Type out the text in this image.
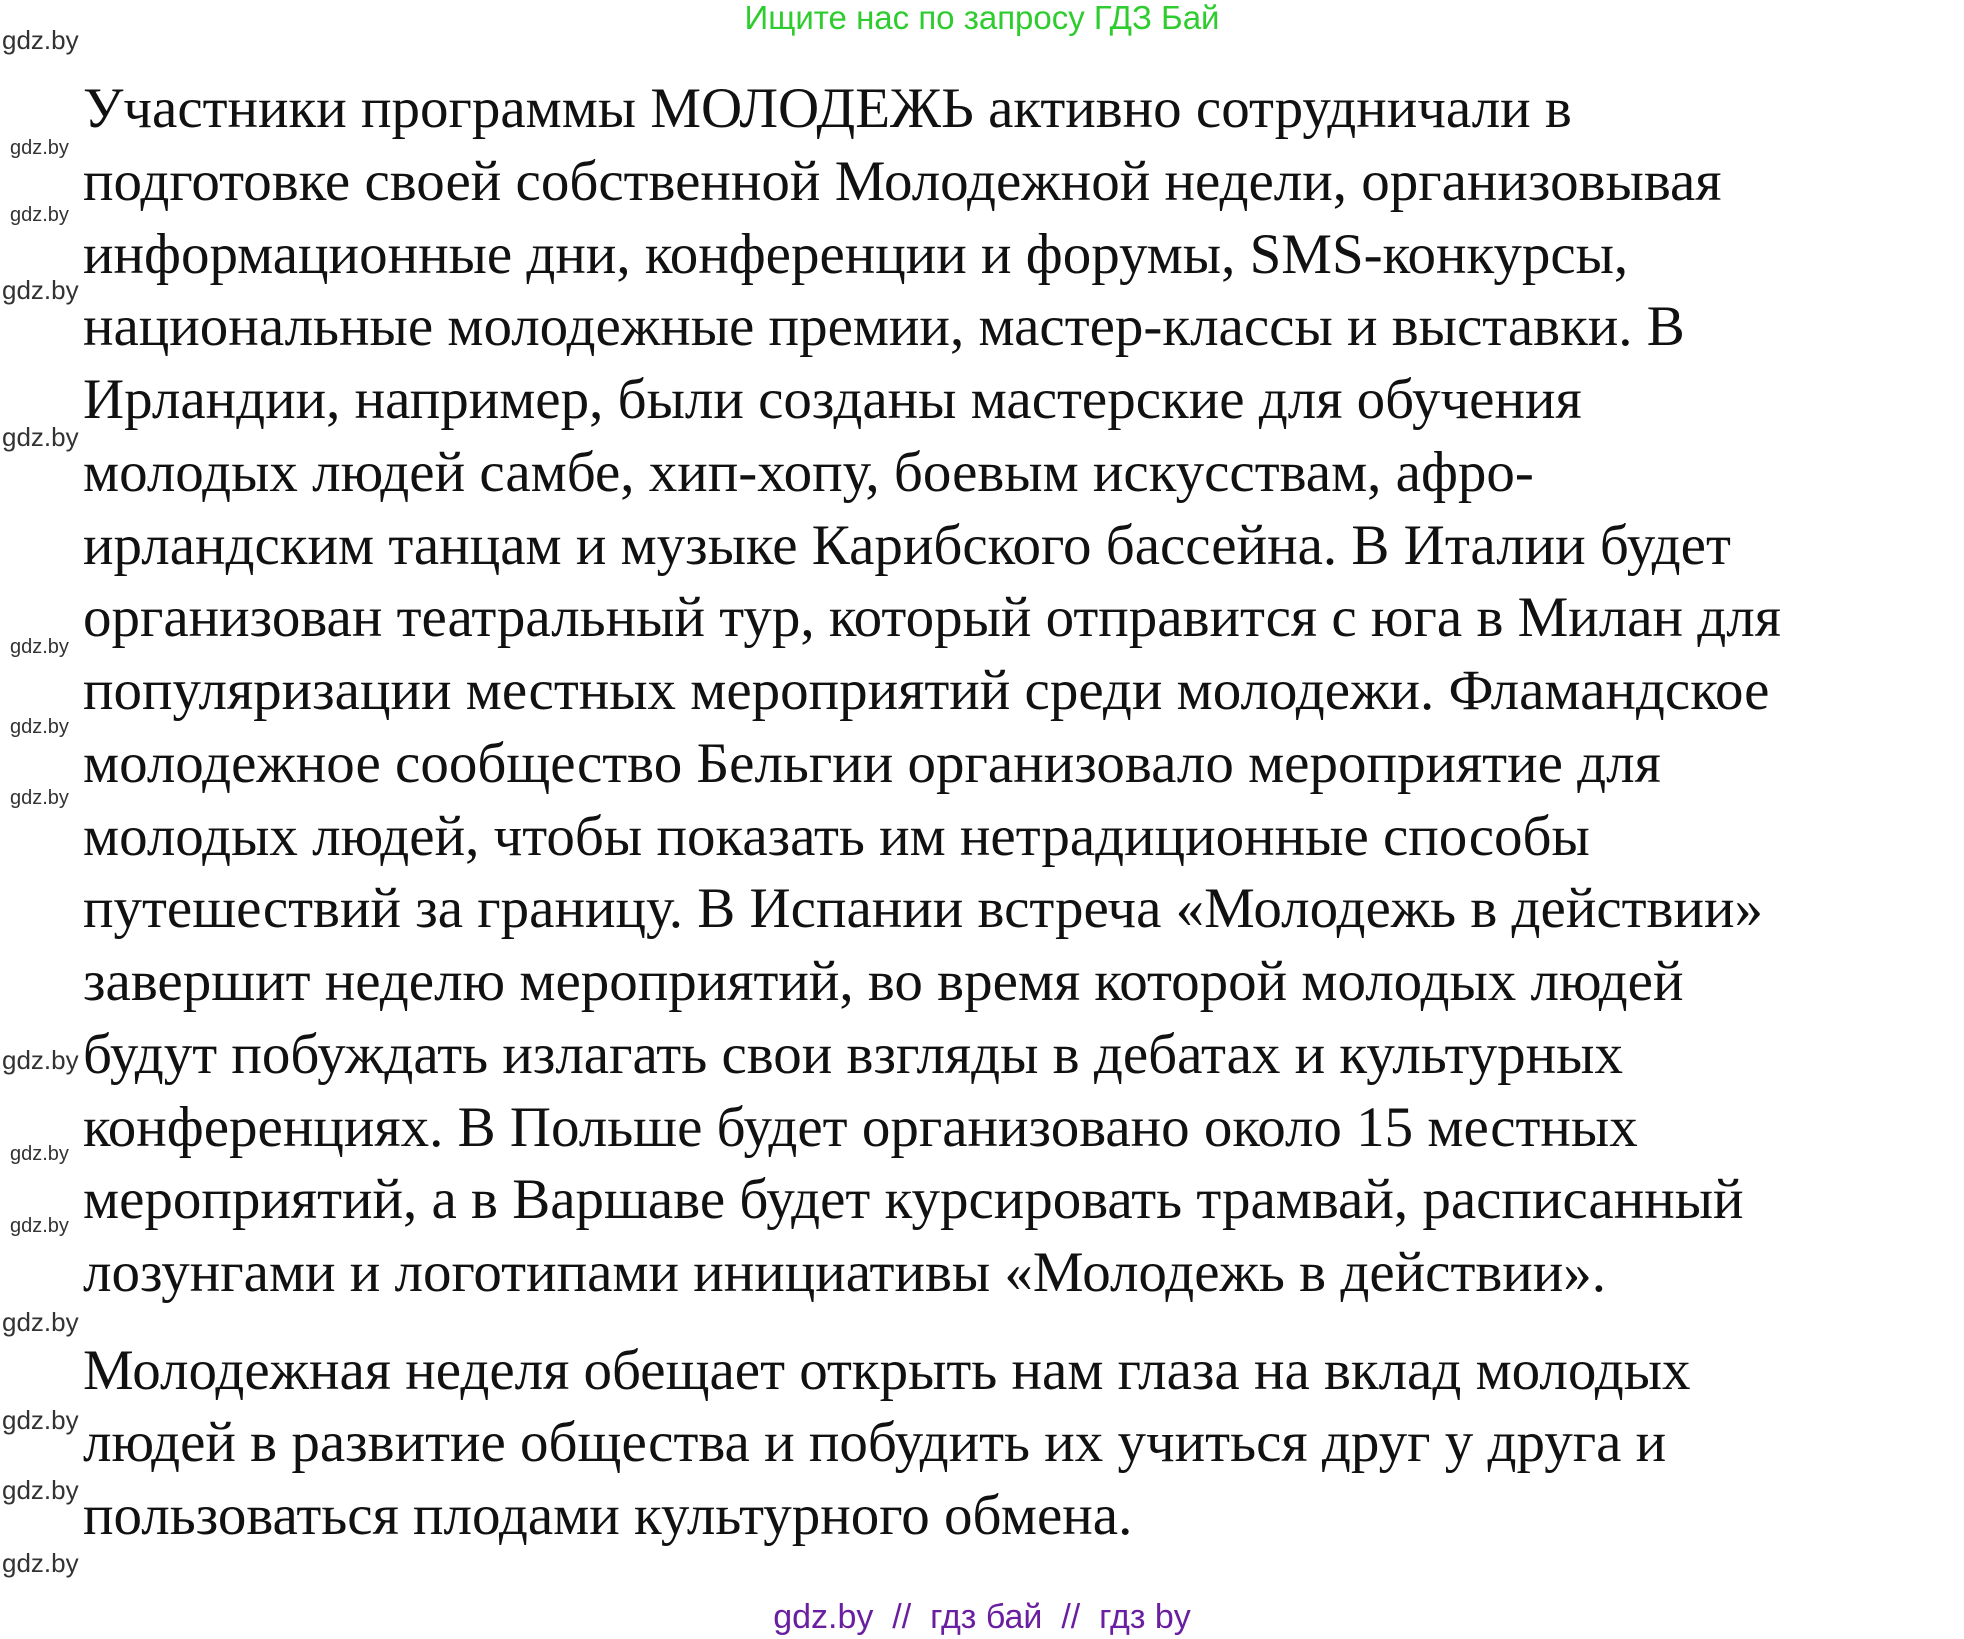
Ищите нас по запросу ГДЗ Бай
Участники программы МОЛОДЕЖЬ активно сотрудничали в
подготовке своей собственной Молодежной недели, организовывая
информационные дни, конференции и форумы, SMS-конкурсы,
национальные молодежные премии, мастер-классы и выставки. В
Ирландии, например, были созданы мастерские для обучения
молодых людей самбе, хип-хопу, боевым искусствам, афро-
ирландским танцам и музыке Карибского бассейна. В Италии будет
организован театральный тур, который отправится с юга в Милан для
популяризации местных мероприятий среди молодежи. Фламандское
молодежное сообщество Бельгии организовало мероприятие для
молодых людей, чтобы показать им нетрадиционные способы
путешествий за границу. В Испании встреча «Молодежь в действии»
завершит неделю мероприятий, во время которой молодых людей
будут побуждать излагать свои взгляды в дебатах и культурных
конференциях. В Польше будет организовано около 15 местных
мероприятий, а в Варшаве будет курсировать трамвай, расписанный
лозунгами и логотипами инициативы «Молодежь в действии».
Молодежная неделя обещает открыть нам глаза на вклад молодых
людей в развитие общества и побудить их учиться друг у друга и
пользоваться плодами культурного обмена.
gdz.by
gdz.by
gdz.by
gdz.by
gdz.by
gdz.by
gdz.by
gdz.by
gdz.by
gdz.by
gdz.by
gdz.by
gdz.by
gdz.by
gdz.by
gdz.by  //  гдз бай  //  гдз by
